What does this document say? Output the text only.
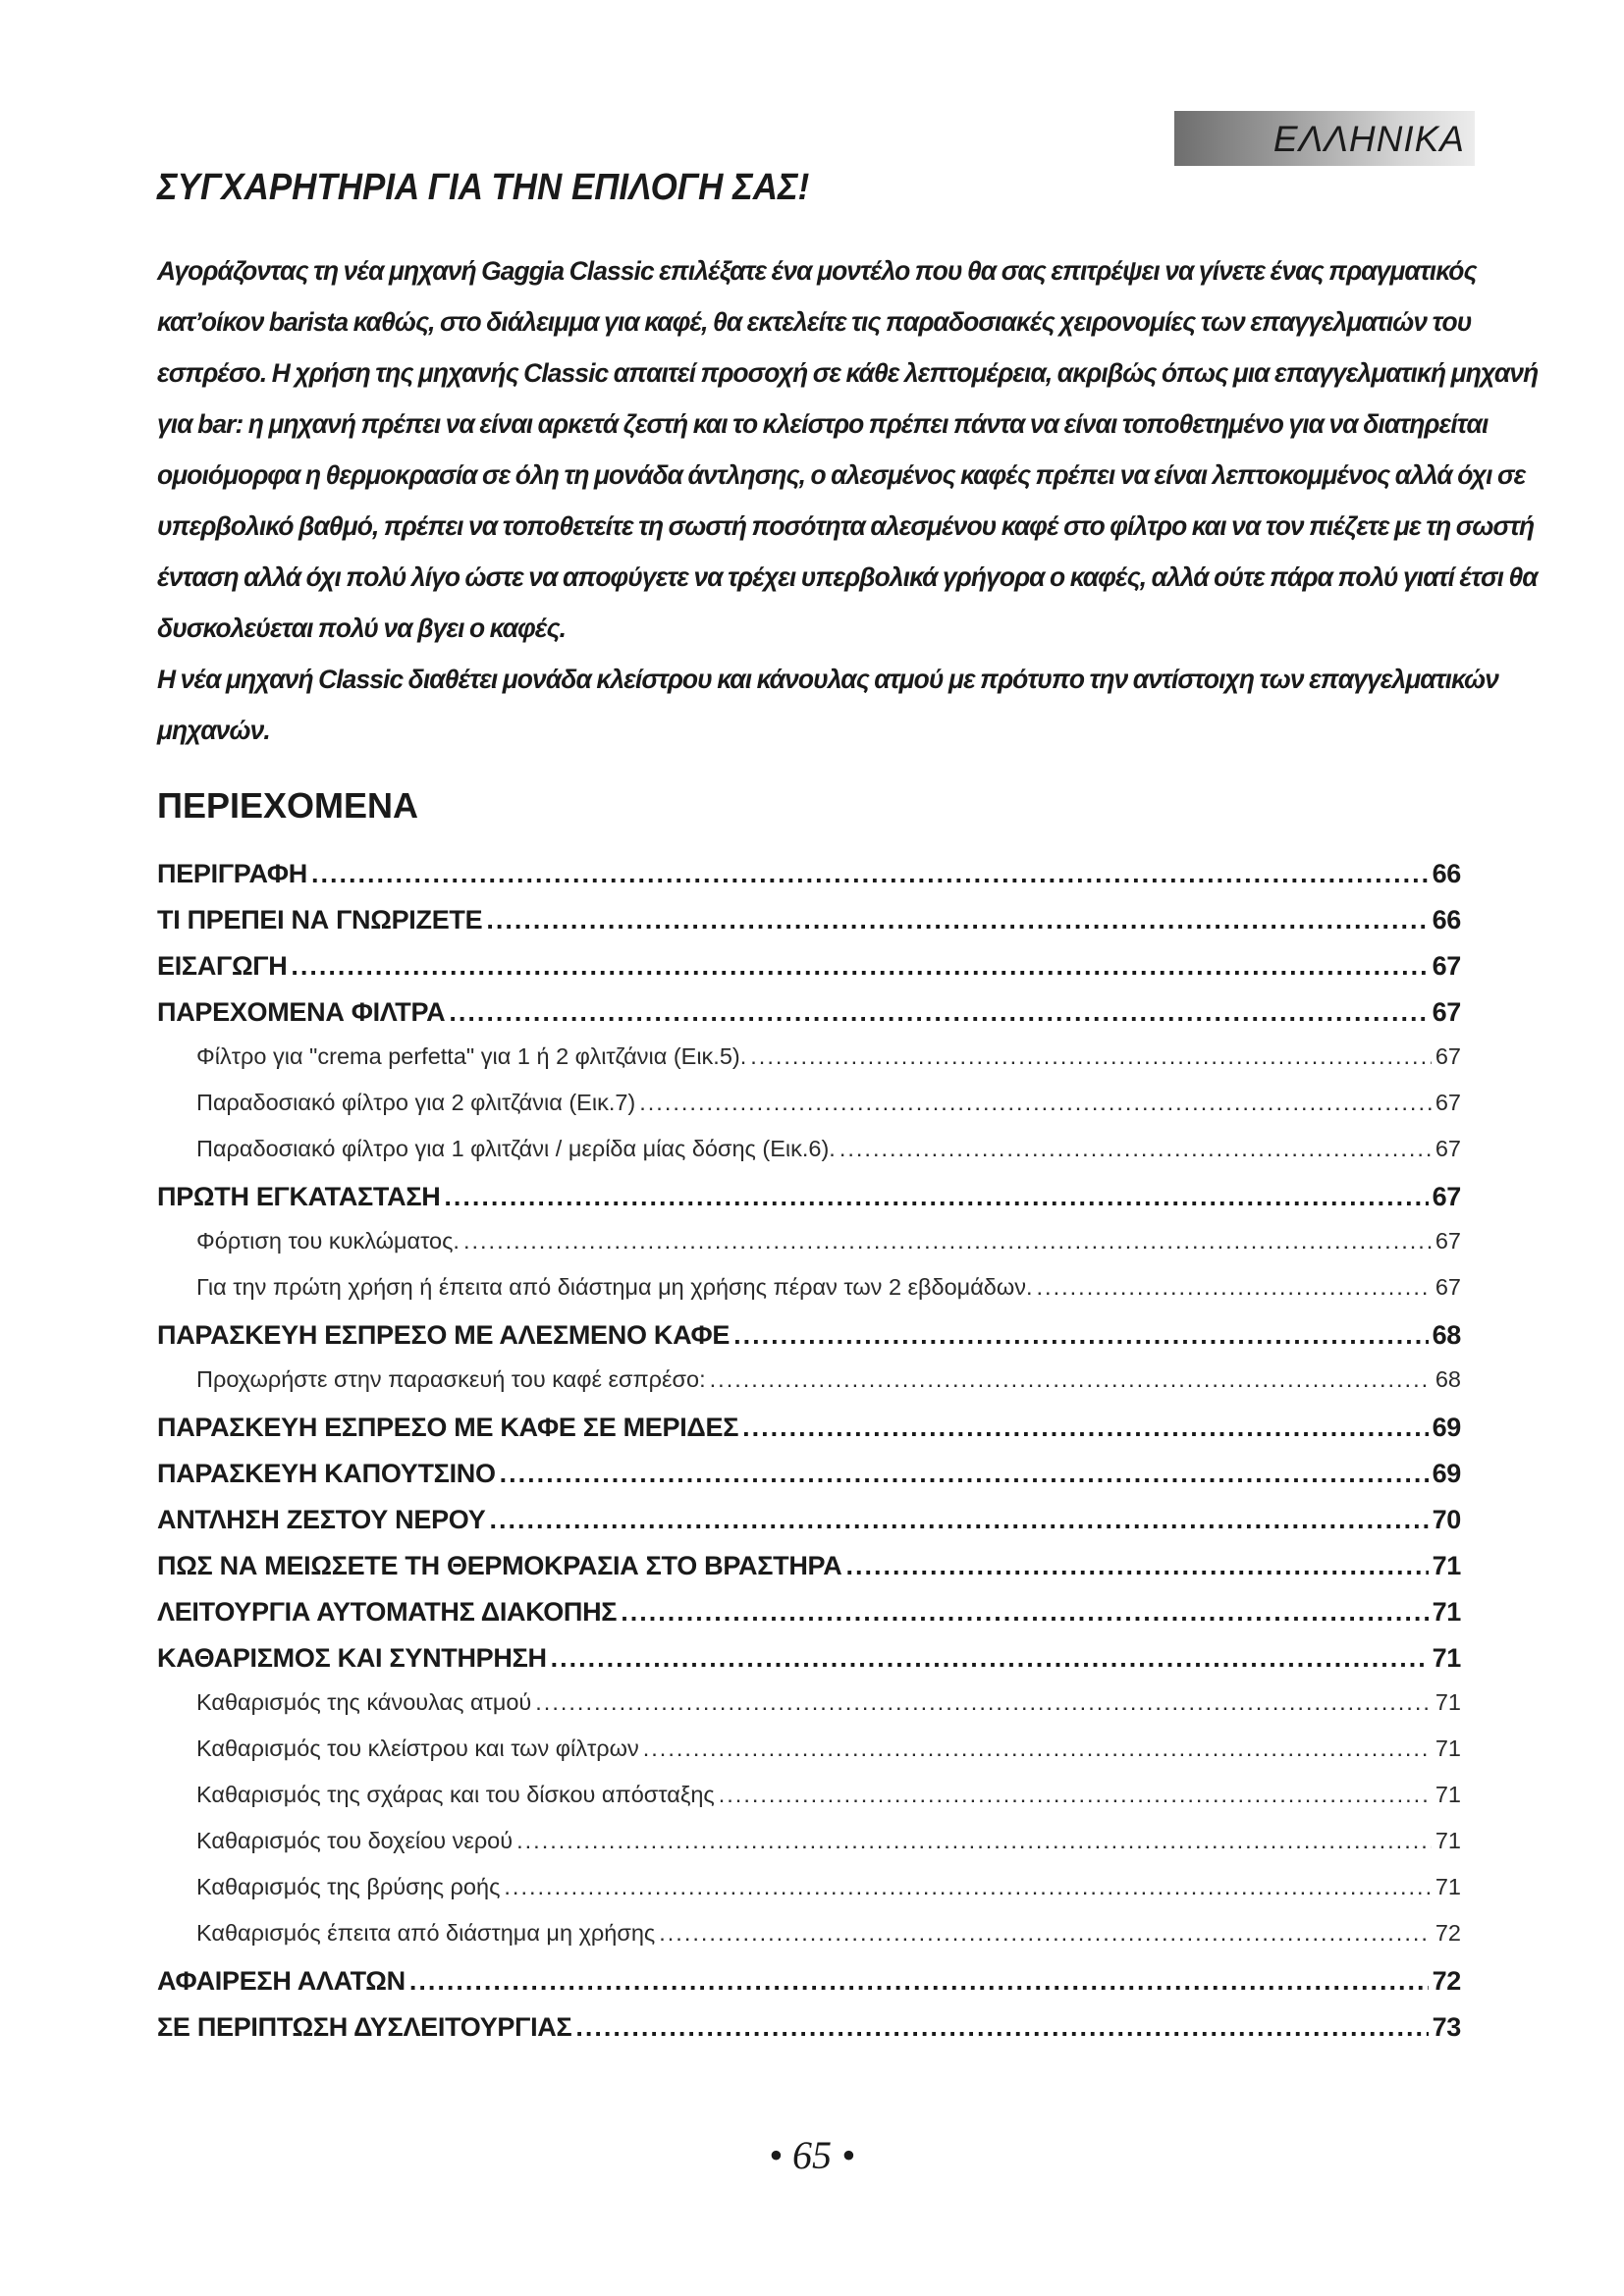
ΕΛΛΗΝΙΚΑ
ΣΥΓΧΑΡΗΤΗΡΙΑ ΓΙΑ ΤΗΝ ΕΠΙΛΟΓΗ ΣΑΣ!
Αγοράζοντας τη νέα μηχανή Gaggia Classic επιλέξατε ένα μοντέλο που θα σας επιτρέψει να γίνετε ένας πραγματικός κατ’οίκον barista καθώς, στο διάλειμμα για καφέ, θα εκτελείτε τις παραδοσιακές χειρονομίες των επαγγελματιών του εσπρέσο. Η χρήση της μηχανής Classic απαιτεί προσοχή σε κάθε λεπτομέρεια, ακριβώς όπως μια επαγγελματική μηχανή για bar: η μηχανή πρέπει να είναι αρκετά ζεστή και το κλείστρο πρέπει πάντα να είναι τοποθετημένο για να διατηρείται ομοιόμορφα η θερμοκρασία σε όλη τη μονάδα άντλησης, ο αλεσμένος καφές πρέπει να είναι λεπτοκομμένος αλλά όχι σε υπερβολικό βαθμό, πρέπει να τοποθετείτε τη σωστή ποσότητα αλεσμένου καφέ στο φίλτρο και να τον πιέζετε με τη σωστή ένταση αλλά όχι πολύ λίγο ώστε να αποφύγετε να τρέχει υπερβολικά γρήγορα ο καφές, αλλά ούτε πάρα πολύ γιατί έτσι θα δυσκολεύεται πολύ να βγει ο καφές.
Η νέα μηχανή Classic διαθέτει μονάδα κλείστρου και κάνουλας ατμού με πρότυπο την αντίστοιχη των επαγγελματικών μηχανών.
ΠΕΡΙΕΧΟΜΕΝΑ
ΠΕΡΙΓΡΑΦΗ .....	66
ΤΙ ΠΡΕΠΕΙ ΝΑ ΓΝΩΡΙΖΕΤΕ .....	66
ΕΙΣΑΓΩΓΗ .....	67
ΠΑΡΕΧΟΜΕΝΑ ΦΙΛΤΡΑ .....	67
Φίλτρο για "crema perfetta" για 1 ή 2 φλιτζάνια (Εικ.5). .....	67
Παραδοσιακό φίλτρο για 2 φλιτζάνια (Εικ.7) .....	67
Παραδοσιακό φίλτρο για 1 φλιτζάνι / μερίδα μίας δόσης (Εικ.6). .....	67
ΠΡΩΤΗ ΕΓΚΑΤΑΣΤΑΣΗ .....	67
Φόρτιση του κυκλώματος. .....	67
Για την πρώτη χρήση ή έπειτα από διάστημα μη χρήσης πέραν των 2 εβδομάδων. .....	67
ΠΑΡΑΣΚΕΥΗ ΕΣΠΡΕΣΟ ΜΕ ΑΛΕΣΜΕΝΟ ΚΑΦΕ .....	68
Προχωρήστε στην παρασκευή του καφέ εσπρέσο: .....	68
ΠΑΡΑΣΚΕΥΗ ΕΣΠΡΕΣΟ ΜΕ ΚΑΦΕ ΣΕ ΜΕΡΙΔΕΣ .....	69
ΠΑΡΑΣΚΕΥΗ ΚΑΠΟΥΤΣΙΝΟ .....	69
ΑΝΤΛΗΣΗ ΖΕΣΤΟΥ ΝΕΡΟΥ .....	70
ΠΩΣ ΝΑ ΜΕΙΩΣΕΤΕ ΤΗ ΘΕΡΜΟΚΡΑΣΙΑ ΣΤΟ ΒΡΑΣΤΗΡΑ .....	71
ΛΕΙΤΟΥΡΓΙΑ ΑΥΤΟΜΑΤΗΣ ΔΙΑΚΟΠΗΣ .....	71
ΚΑΘΑΡΙΣΜΟΣ ΚΑΙ ΣΥΝΤΗΡΗΣΗ .....	71
Καθαρισμός της κάνουλας ατμού .....	71
Καθαρισμός του κλείστρου και των φίλτρων .....	71
Καθαρισμός της σχάρας και του δίσκου απόσταξης .....	71
Καθαρισμός του δοχείου νερού .....	71
Καθαρισμός της βρύσης ροής .....	71
Καθαρισμός έπειτα από διάστημα μη χρήσης .....	72
ΑΦΑΙΡΕΣΗ ΑΛΑΤΩΝ .....	72
ΣΕ ΠΕΡΙΠΤΩΣΗ ΔΥΣΛΕΙΤΟΥΡΓΙΑΣ .....	73
• 65 •
